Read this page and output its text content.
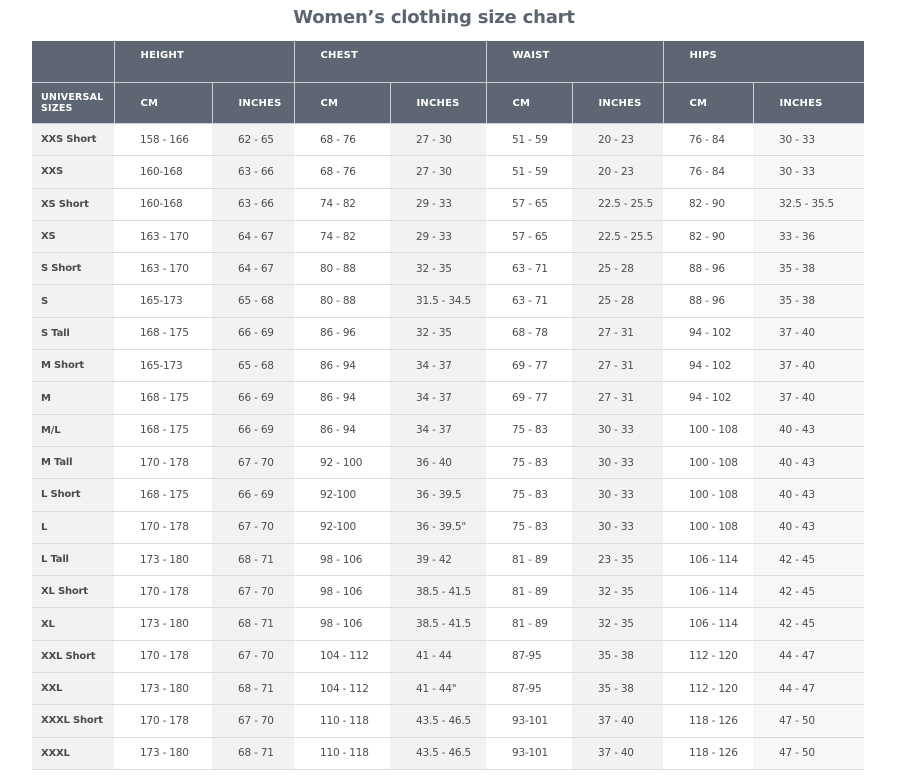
Women’s clothing size chart
	HEIGHT		CHEST		WAIST		HIPS	
UNIVERSAL SIZES	CM	INCHES	CM	INCHES	CM	INCHES	CM	INCHES
XXS Short	158 - 166	62 - 65	68 - 76	27 - 30	51 - 59	20 - 23	76 - 84	30 - 33
XXS	160-168	63 - 66	68 - 76	27 - 30	51 - 59	20 - 23	76 - 84	30 - 33
XS Short	160-168	63 - 66	74 - 82	29 - 33	57 - 65	22.5 - 25.5	82 - 90	32.5 - 35.5
XS	163 - 170	64 - 67	74 - 82	29 - 33	57 - 65	22.5 - 25.5	82 - 90	33 - 36
S Short	163 - 170	64 - 67	80 - 88	32 - 35	63 - 71	25 - 28	88 - 96	35 - 38
S	165-173	65 - 68	80 - 88	31.5 - 34.5	63 - 71	25 - 28	88 - 96	35 - 38
S Tall	168 - 175	66 - 69	86 - 96	32 - 35	68 - 78	27 - 31	94 - 102	37 - 40
M Short	165-173	65 - 68	86 - 94	34 - 37	69 - 77	27 - 31	94 - 102	37 - 40
M	168 - 175	66 - 69	86 - 94	34 - 37	69 - 77	27 - 31	94 - 102	37 - 40
M/L	168 - 175	66 - 69	86 - 94	34 - 37	75 - 83	30 - 33	100 - 108	40 - 43
M Tall	170 - 178	67 - 70	92 - 100	36 - 40	75 - 83	30 - 33	100 - 108	40 - 43
L Short	168 - 175	66 - 69	92-100	36 - 39.5	75 - 83	30 - 33	100 - 108	40 - 43
L	170 - 178	67 - 70	92-100	36 - 39.5"	75 - 83	30 - 33	100 - 108	40 - 43
L Tall	173 - 180	68 - 71	98 - 106	39 - 42	81 - 89	23 - 35	106 - 114	42 - 45
XL Short	170 - 178	67 - 70	98 - 106	38.5 - 41.5	81 - 89	32 - 35	106 - 114	42 - 45
XL	173 - 180	68 - 71	98 - 106	38.5 - 41.5	81 - 89	32 - 35	106 - 114	42 - 45
XXL Short	170 - 178	67 - 70	104 - 112	41 - 44	87-95	35 - 38	112 - 120	44 - 47
XXL	173 - 180	68 - 71	104 - 112	41 - 44"	87-95	35 - 38	112 - 120	44 - 47
XXXL Short	170 - 178	67 - 70	110 - 118	43.5 - 46.5	93-101	37 - 40	118 - 126	47 - 50
XXXL	173 - 180	68 - 71	110 - 118	43.5 - 46.5	93-101	37 - 40	118 - 126	47 - 50
